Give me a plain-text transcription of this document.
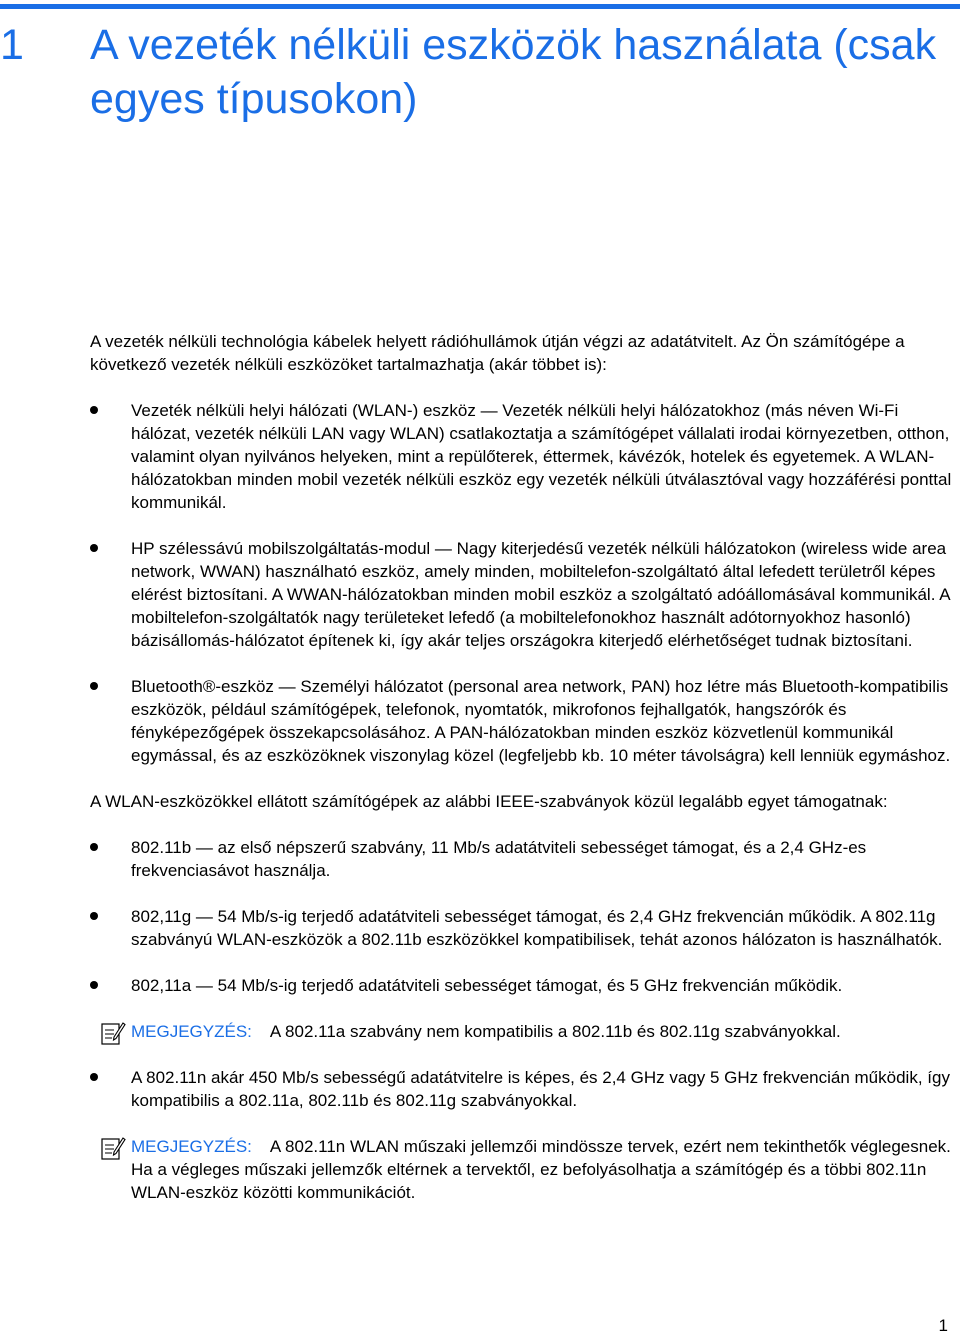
1 A vezeték nélküli eszközök használata (csak egyes típusokon)

A vezeték nélküli technológia kábelek helyett rádióhullámok útján végzi az adatátvitelt. Az Ön számítógépe a következő vezeték nélküli eszközöket tartalmazhatja (akár többet is):

Vezeték nélküli helyi hálózati (WLAN-) eszköz — Vezeték nélküli helyi hálózatokhoz (más néven Wi-Fi hálózat, vezeték nélküli LAN vagy WLAN) csatlakoztatja a számítógépet vállalati irodai környezetben, otthon, valamint olyan nyilvános helyeken, mint a repülőterek, éttermek, kávézók, hotelek és egyetemek. A WLAN-hálózatokban minden mobil vezeték nélküli eszköz egy vezeték nélküli útválasztóval vagy hozzáférési ponttal kommunikál.
HP szélessávú mobilszolgáltatás-modul — Nagy kiterjedésű vezeték nélküli hálózatokon (wireless wide area network, WWAN) használható eszköz, amely minden, mobiltelefon-szolgáltató által lefedett területről képes elérést biztosítani. A WWAN-hálózatokban minden mobil eszköz a szolgáltató adóállomásával kommunikál. A mobiltelefon-szolgáltatók nagy területeket lefedő (a mobiltelefonokhoz használt adótornyokhoz hasonló) bázisállomás-hálózatot építenek ki, így akár teljes országokra kiterjedő elérhetőséget tudnak biztosítani.
Bluetooth®-eszköz — Személyi hálózatot (personal area network, PAN) hoz létre más Bluetooth-kompatibilis eszközök, például számítógépek, telefonok, nyomtatók, mikrofonos fejhallgatók, hangszórók és fényképezőgépek összekapcsolásához. A PAN-hálózatokban minden eszköz közvetlenül kommunikál egymással, és az eszközöknek viszonylag közel (legfeljebb kb. 10 méter távolságra) kell lenniük egymáshoz.

A WLAN-eszközökkel ellátott számítógépek az alábbi IEEE-szabványok közül legalább egyet támogatnak:

802.11b — az első népszerű szabvány, 11 Mb/s adatátviteli sebességet támogat, és a 2,4 GHz-es frekvenciasávot használja.
802,11g — 54 Mb/s-ig terjedő adatátviteli sebességet támogat, és 2,4 GHz frekvencián működik. A 802.11g szabványú WLAN-eszközök a 802.11b eszközökkel kompatibilisek, tehát azonos hálózaton is használhatók.
802,11a — 54 Mb/s-ig terjedő adatátviteli sebességet támogat, és 5 GHz frekvencián működik.
MEGJEGYZÉS: A 802.11a szabvány nem kompatibilis a 802.11b és 802.11g szabványokkal.
A 802.11n akár 450 Mb/s sebességű adatátvitelre is képes, és 2,4 GHz vagy 5 GHz frekvencián működik, így kompatibilis a 802.11a, 802.11b és 802.11g szabványokkal.
MEGJEGYZÉS: A 802.11n WLAN műszaki jellemzői mindössze tervek, ezért nem tekinthetők véglegesnek. Ha a végleges műszaki jellemzők eltérnek a tervektől, ez befolyásolhatja a számítógép és a többi 802.11n WLAN-eszköz közötti kommunikációt.
1
